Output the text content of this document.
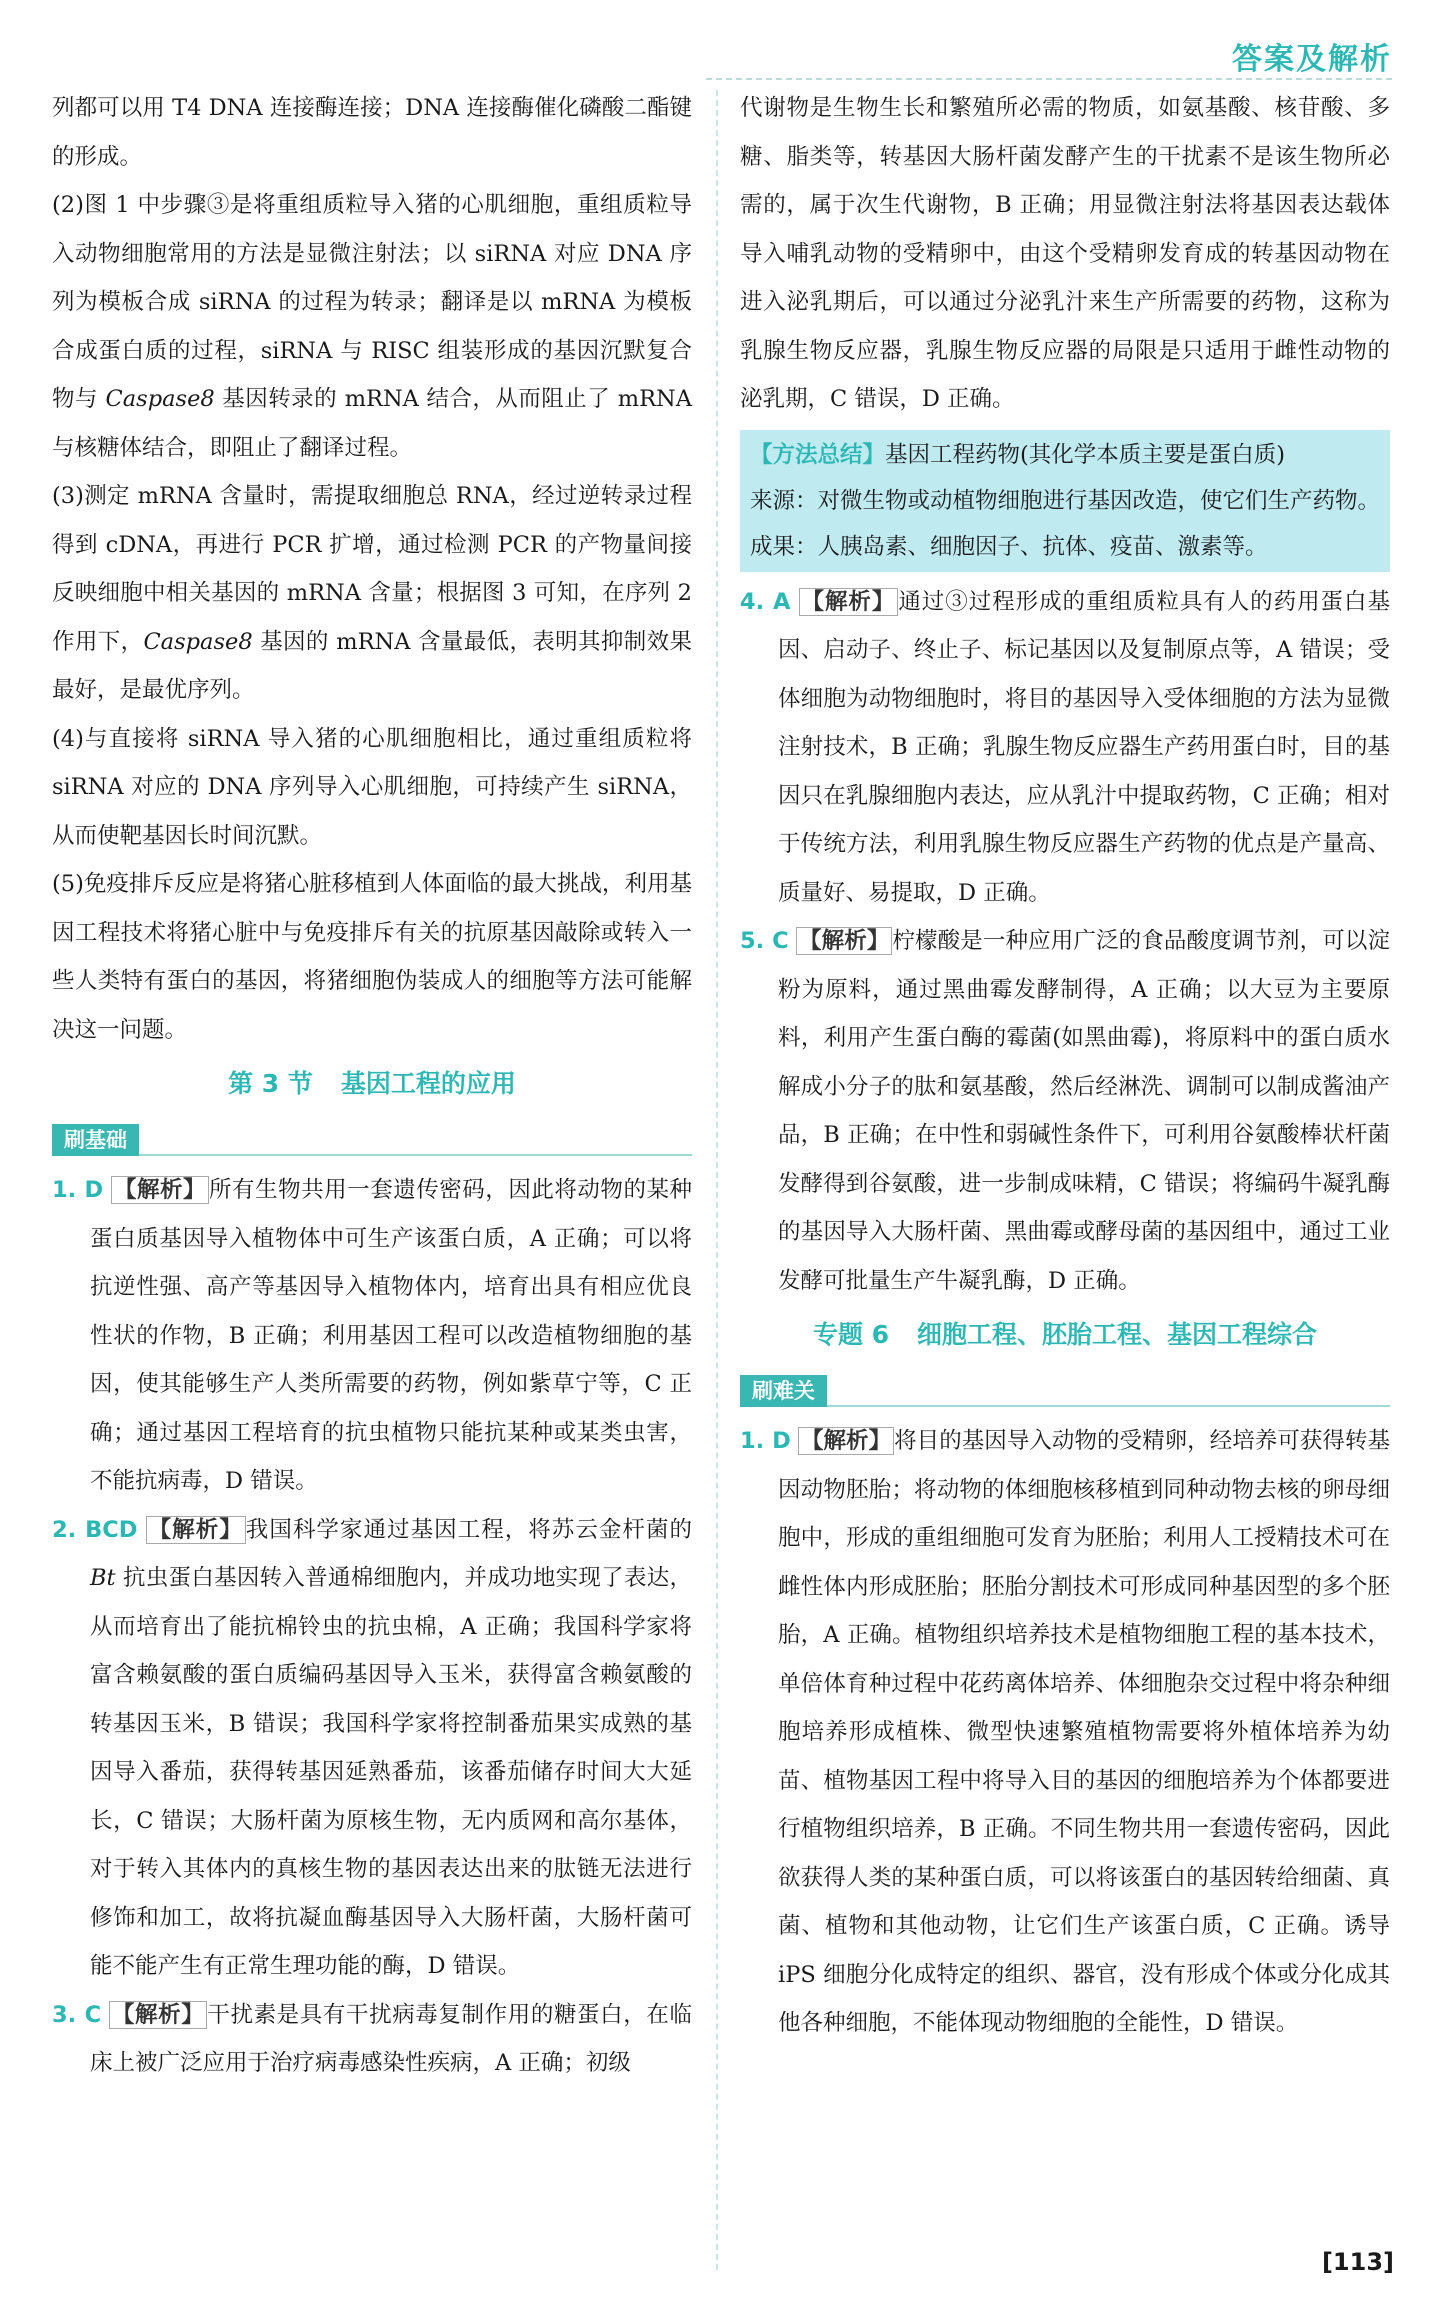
答案及解析

列都可以用 T4 DNA 连接酶连接；DNA 连接酶催化磷酸二酯键的形成。

(2)图 1 中步骤③是将重组质粒导入猪的心肌细胞，重组质粒导入动物细胞常用的方法是显微注射法；以 siRNA 对应 DNA 序列为模板合成 siRNA 的过程为转录；翻译是以 mRNA 为模板合成蛋白质的过程，siRNA 与 RISC 组装形成的基因沉默复合物与 Caspase8 基因转录的 mRNA 结合，从而阻止了 mRNA 与核糖体结合，即阻止了翻译过程。

(3)测定 mRNA 含量时，需提取细胞总 RNA，经过逆转录过程得到 cDNA，再进行 PCR 扩增，通过检测 PCR 的产物量间接反映细胞中相关基因的 mRNA 含量；根据图 3 可知，在序列 2 作用下，Caspase8 基因的 mRNA 含量最低，表明其抑制效果最好，是最优序列。

(4)与直接将 siRNA 导入猪的心肌细胞相比，通过重组质粒将 siRNA 对应的 DNA 序列导入心肌细胞，可持续产生 siRNA，从而使靶基因长时间沉默。

(5)免疫排斥反应是将猪心脏移植到人体面临的最大挑战，利用基因工程技术将猪心脏中与免疫排斥有关的抗原基因敲除或转入一些人类特有蛋白的基因，将猪细胞伪装成人的细胞等方法可能解决这一问题。

第 3 节 基因工程的应用

刷基础

1. D 【解析】 所有生物共用一套遗传密码，因此将动物的某种蛋白质基因导入植物体中可生产该蛋白质，A 正确；可以将抗逆性强、高产等基因导入植物体内，培育出具有相应优良性状的作物，B 正确；利用基因工程可以改造植物细胞的基因，使其能够生产人类所需要的药物，例如紫草宁等，C 正确；通过基因工程培育的抗虫植物只能抗某种或某类虫害，不能抗病毒，D 错误。

2. BCD 【解析】 我国科学家通过基因工程，将苏云金杆菌的 Bt 抗虫蛋白基因转入普通棉细胞内，并成功地实现了表达，从而培育出了能抗棉铃虫的抗虫棉，A 正确；我国科学家将富含赖氨酸的蛋白质编码基因导入玉米，获得富含赖氨酸的转基因玉米，B 错误；我国科学家将控制番茄果实成熟的基因导入番茄，获得转基因延熟番茄，该番茄储存时间大大延长，C 错误；大肠杆菌为原核生物，无内质网和高尔基体，对于转入其体内的真核生物的基因表达出来的肽链无法进行修饰和加工，故将抗凝血酶基因导入大肠杆菌，大肠杆菌可能不能产生有正常生理功能的酶，D 错误。

3. C 【解析】 干扰素是具有干扰病毒复制作用的糖蛋白，在临床上被广泛应用于治疗病毒感染性疾病，A 正确；初级

代谢物是生物生长和繁殖所必需的物质，如氨基酸、核苷酸、多糖、脂类等，转基因大肠杆菌发酵产生的干扰素不是该生物所必需的，属于次生代谢物，B 正确；用显微注射法将基因表达载体导入哺乳动物的受精卵中，由这个受精卵发育成的转基因动物在进入泌乳期后，可以通过分泌乳汁来生产所需要的药物，这称为乳腺生物反应器，乳腺生物反应器的局限是只适用于雌性动物的泌乳期，C 错误，D 正确。

【方法总结】基因工程药物(其化学本质主要是蛋白质)

来源：对微生物或动植物细胞进行基因改造，使它们生产药物。

成果：人胰岛素、细胞因子、抗体、疫苗、激素等。

4. A 【解析】 通过③过程形成的重组质粒具有人的药用蛋白基因、启动子、终止子、标记基因以及复制原点等，A 错误；受体细胞为动物细胞时，将目的基因导入受体细胞的方法为显微注射技术，B 正确；乳腺生物反应器生产药用蛋白时，目的基因只在乳腺细胞内表达，应从乳汁中提取药物，C 正确；相对于传统方法，利用乳腺生物反应器生产药物的优点是产量高、质量好、易提取，D 正确。

5. C 【解析】 柠檬酸是一种应用广泛的食品酸度调节剂，可以淀粉为原料，通过黑曲霉发酵制得，A 正确；以大豆为主要原料，利用产生蛋白酶的霉菌(如黑曲霉)，将原料中的蛋白质水解成小分子的肽和氨基酸，然后经淋洗、调制可以制成酱油产品，B 正确；在中性和弱碱性条件下，可利用谷氨酸棒状杆菌发酵得到谷氨酸，进一步制成味精，C 错误；将编码牛凝乳酶的基因导入大肠杆菌、黑曲霉或酵母菌的基因组中，通过工业发酵可批量生产牛凝乳酶，D 正确。

专题 6 细胞工程、胚胎工程、基因工程综合

刷难关

1. D 【解析】 将目的基因导入动物的受精卵，经培养可获得转基因动物胚胎；将动物的体细胞核移植到同种动物去核的卵母细胞中，形成的重组细胞可发育为胚胎；利用人工授精技术可在雌性体内形成胚胎；胚胎分割技术可形成同种基因型的多个胚胎，A 正确。植物组织培养技术是植物细胞工程的基本技术，单倍体育种过程中花药离体培养、体细胞杂交过程中将杂种细胞培养形成植株、微型快速繁殖植物需要将外植体培养为幼苗、植物基因工程中将导入目的基因的细胞培养为个体都要进行植物组织培养，B 正确。不同生物共用一套遗传密码，因此欲获得人类的某种蛋白质，可以将该蛋白的基因转给细菌、真菌、植物和其他动物，让它们生产该蛋白质，C 正确。诱导 iPS 细胞分化成特定的组织、器官，没有形成个体或分化成其他各种细胞，不能体现动物细胞的全能性，D 错误。

[113]
